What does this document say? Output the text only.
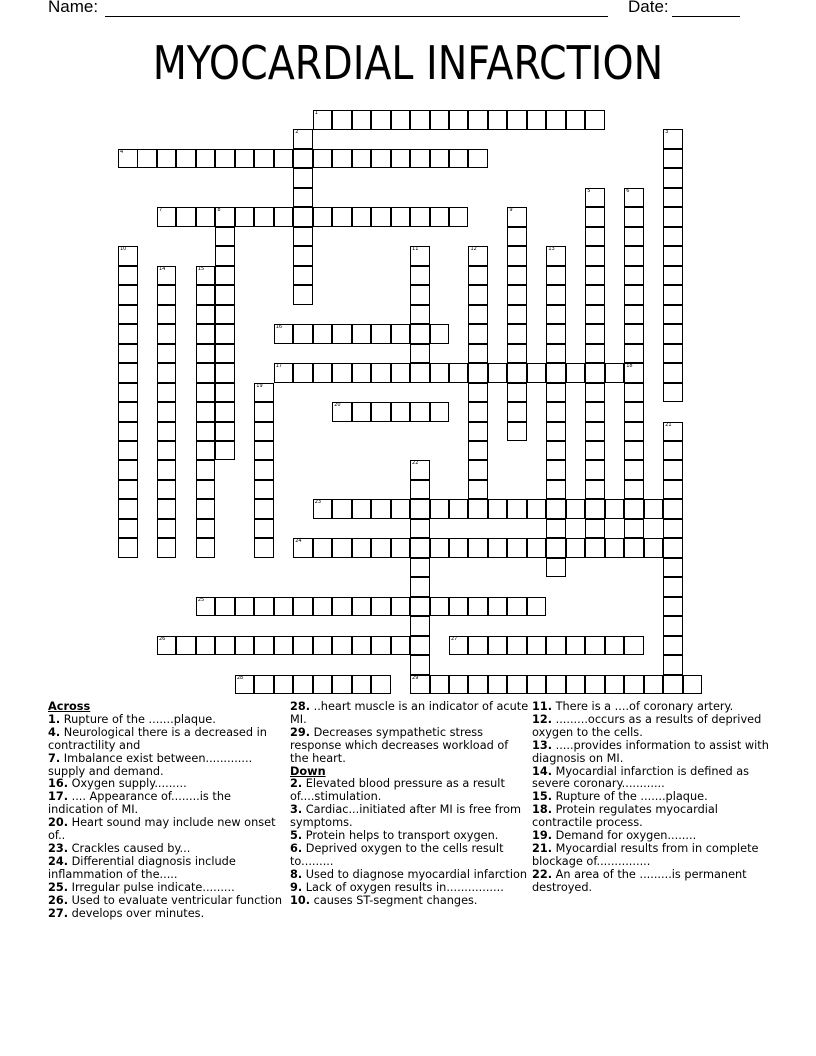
Name:	Date:
MYOCARDIAL INFARCTION
1
2	3
4
5	6
18
7	8	9
10	11	12	13
14	15
16
17
19
20
21
22
29
23
24
25
26	27
28

Across

1. Rupture of the .......plaque.

4. Neurological there is a decreased in contractility and

7. Imbalance exist between............. supply and demand.

16. Oxygen supply.........

17. .... Appearance of........is the indication of MI.

20. Heart sound may include new onset of..

23. Crackles caused by...

24. Differential diagnosis include inflammation of the.....

25. Irregular pulse indicate.........

26. Used to evaluate ventricular function

27. develops over minutes.

28. ..heart muscle is an indicator of acute MI.

29. Decreases sympathetic stress response which decreases workload of the heart.

Down

2. Elevated blood pressure as a result of....stimulation.

3. Cardiac...initiated after MI is free from symptoms.

5. Protein helps to transport oxygen.

6. Deprived oxygen to the cells result to.........

8. Used to diagnose myocardial infarction

9. Lack of oxygen results in................

10. causes ST-segment changes.

11. There is a ....of coronary artery.

12. .........occurs as a results of deprived oxygen to the cells.

13. .....provides information to assist with diagnosis on MI.

14. Myocardial infarction is defined as severe coronary............

15. Rupture of the .......plaque.

18. Protein regulates myocardial contractile process.

19. Demand for oxygen........

21. Myocardial results from in complete blockage of...............

22. An area of the .........is permanent destroyed.
